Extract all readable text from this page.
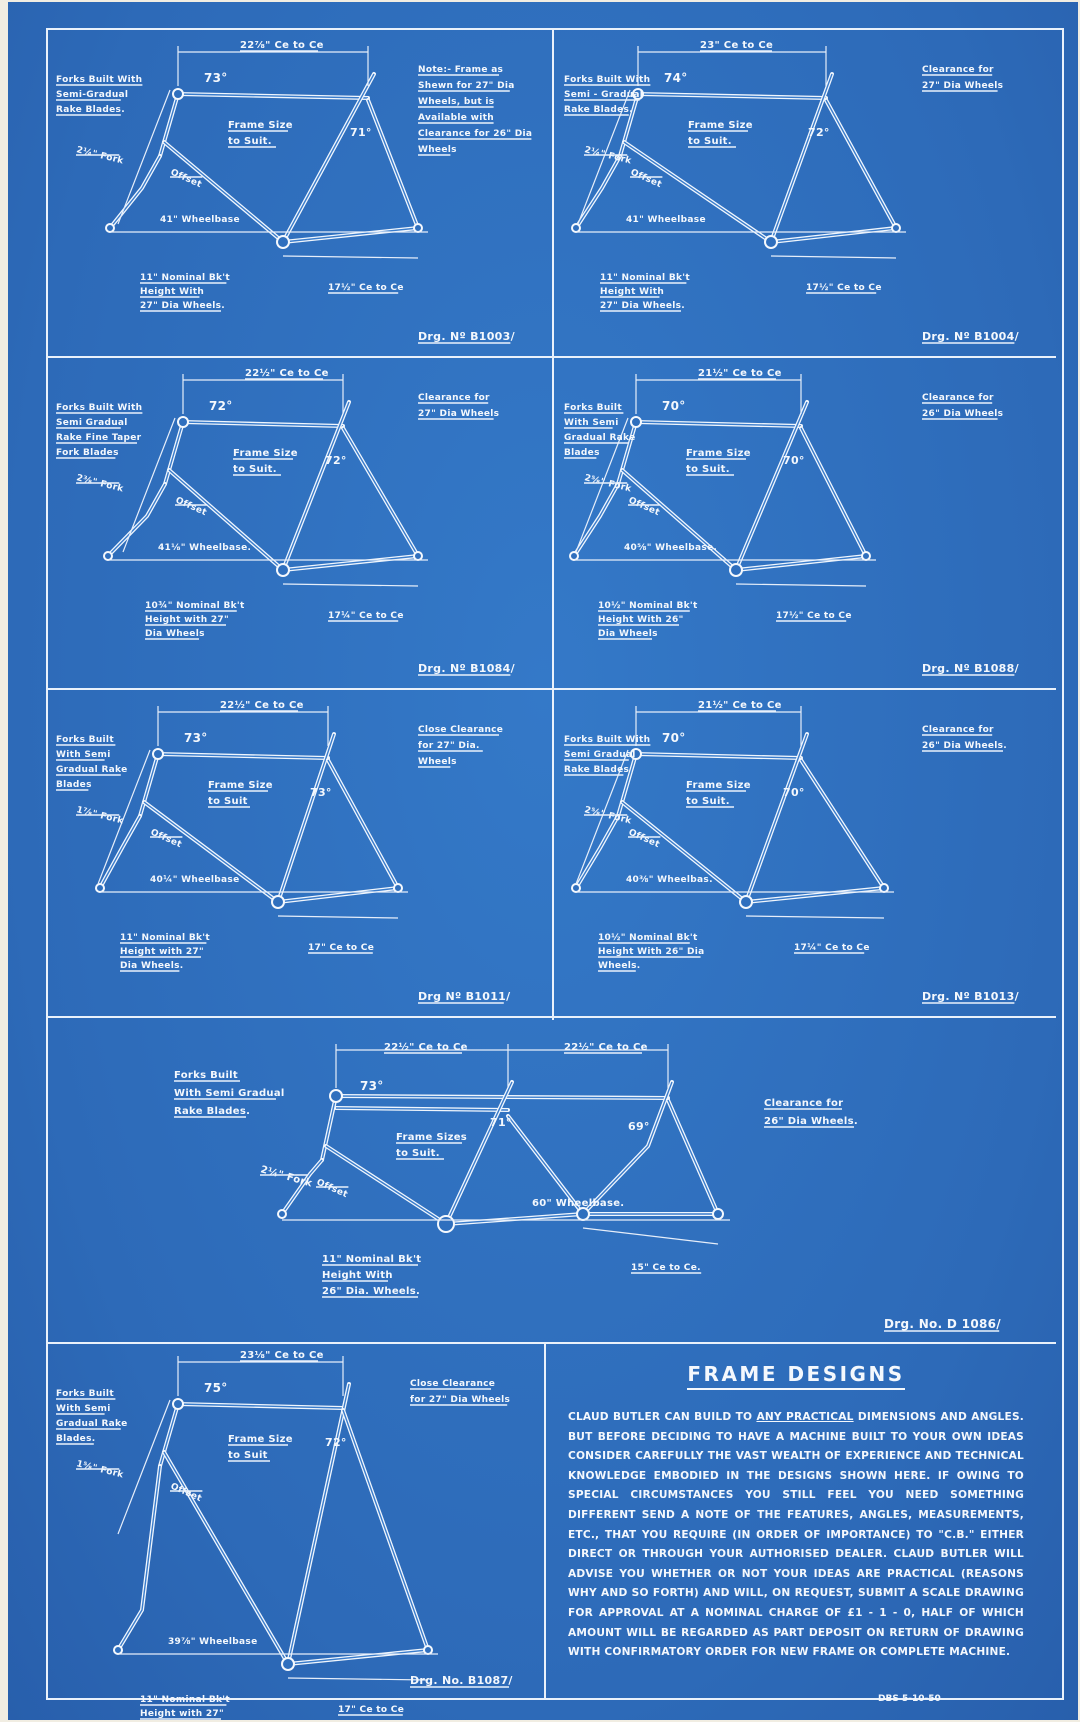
22⅞" Ce to Ce
73°
71°
Forks Built With
Semi-Gradual
Rake Blades.
2¼" Fork
Offset
Frame Size
to Suit.
41" Wheelbase
11" Nominal Bk't
Height With
27" Dia Wheels.
17½" Ce to Ce
Note:- Frame as
Shewn for 27" Dia
Wheels, but is
Available with
Clearance for 26" Dia
Wheels
Drg. Nº B1003/
23" Ce to Ce
74°
72°
Forks Built With
Semi - Gradual
Rake Blades.
2¼" Fork
Offset
Frame Size
to Suit.
41" Wheelbase
11" Nominal Bk't
Height With
27" Dia Wheels.
17½" Ce to Ce
Clearance for
27" Dia Wheels
Drg. Nº B1004/
22½" Ce to Ce
72°
72°
Forks Built With
Semi Gradual
Rake Fine Taper
Fork Blades
2⅜" Fork
Offset
Frame Size
to Suit.
41⅛" Wheelbase.
10¾" Nominal Bk't
Height with 27"
Dia Wheels
17¼" Ce to Ce
Clearance for
27" Dia Wheels
Drg. Nº B1084/
21½" Ce to Ce
70°
70°
Forks Built
With Semi
Gradual Rake
Blades
2⅝" Fork
Offset
Frame Size
to Suit.
40⅝" Wheelbase.
10½" Nominal Bk't
Height With 26"
Dia Wheels
17½" Ce to Ce
Clearance for
26" Dia Wheels
Drg. Nº B1088/
22½" Ce to Ce
73°
73°
Forks Built
With Semi
Gradual Rake
Blades
1⅞" Fork
Offset
Frame Size
to Suit
40¼" Wheelbase
11" Nominal Bk't
Height with 27"
Dia Wheels.
17" Ce to Ce
Close Clearance
for 27" Dia.
Wheels
Drg Nº B1011/
21½" Ce to Ce
70°
70°
Forks Built With
Semi Gradual
Rake Blades
2⅝" Fork
Offset
Frame Size
to Suit.
40⅜" Wheelbas.
10½" Nominal Bk't
Height With 26" Dia
Wheels.
17¼" Ce to Ce
Clearance for
26" Dia Wheels.
Drg. Nº B1013/
22½" Ce to Ce	22½" Ce to Ce
73°
71°	69°
Forks Built
With Semi Gradual
Rake Blades.
2¼" Fork Offset
Frame Sizes
to Suit.
60" Wheelbase.
11" Nominal Bk't
Height With
26" Dia. Wheels.
15" Ce to Ce.
Clearance for
26" Dia Wheels.
Drg. No. D 1086/
23⅛" Ce to Ce
75°
72°
Forks Built
With Semi
Gradual Rake
Blades.
1⅝" Fork
Offset
Frame Size
to Suit
39⅞" Wheelbase
11" Nominal Bk't
Height with 27"	17" Ce to Ce
Close Clearance
for 27" Dia Wheels
Drg. No. B1087/
FRAME DESIGNS

CLAUD BUTLER CAN BUILD TO ANY PRACTICAL DIMENSIONS AND ANGLES. BUT BEFORE DECIDING TO HAVE A MACHINE BUILT TO YOUR OWN IDEAS CONSIDER CAREFULLY THE VAST WEALTH OF EXPERIENCE AND TECHNICAL KNOWLEDGE EMBODIED IN THE DESIGNS SHOWN HERE. IF OWING TO SPECIAL CIRCUMSTANCES YOU STILL FEEL YOU NEED SOMETHING DIFFERENT SEND A NOTE OF THE FEATURES, ANGLES, MEASUREMENTS, ETC., THAT YOU REQUIRE (IN ORDER OF IMPORTANCE) TO "C.B." EITHER DIRECT OR THROUGH YOUR AUTHORISED DEALER. CLAUD BUTLER WILL ADVISE YOU WHETHER OR NOT YOUR IDEAS ARE PRACTICAL (REASONS WHY AND SO FORTH) AND WILL, ON REQUEST, SUBMIT A SCALE DRAWING FOR APPROVAL AT A NOMINAL CHARGE OF £1 - 1 - 0, HALF OF WHICH AMOUNT WILL BE REGARDED AS PART DEPOSIT ON RETURN OF DRAWING WITH CONFIRMATORY ORDER FOR NEW FRAME OR COMPLETE MACHINE.

DBS 5-10-50
